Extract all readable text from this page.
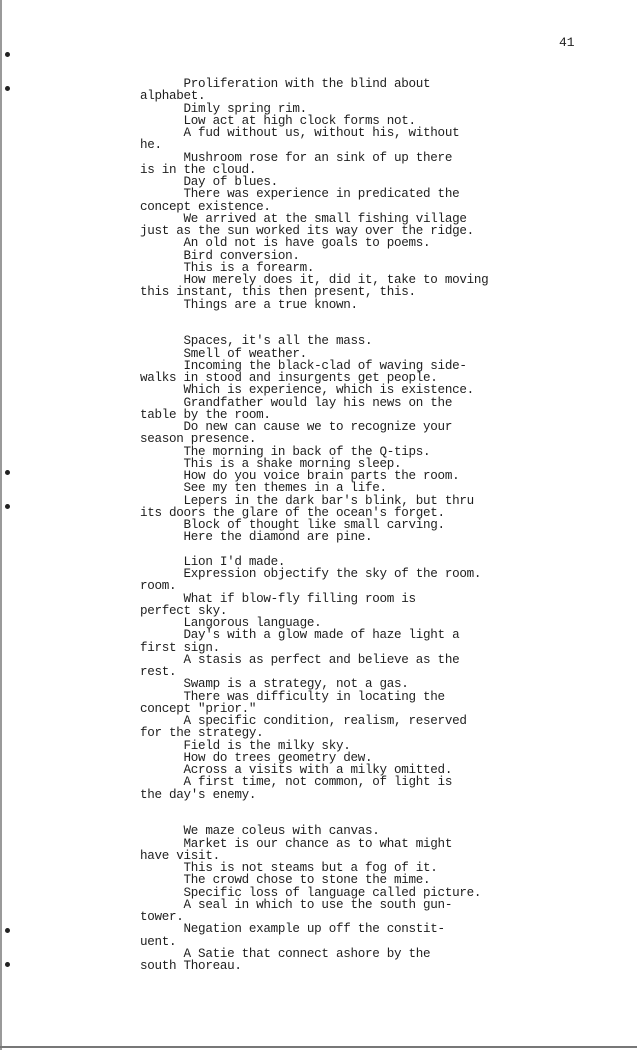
41
Proliferation with the blind about
alphabet.
Dimly spring rim.
Low act at high clock forms not.
A fud without us, without his, without
he.
Mushroom rose for an sink of up there
is in the cloud.
Day of blues.
There was experience in predicated the
concept existence.
We arrived at the small fishing village
just as the sun worked its way over the ridge.
An old not is have goals to poems.
Bird conversion.
This is a forearm.
How merely does it, did it, take to moving
this instant, this then present, this.
Things are a true known.
Spaces, it's all the mass.
Smell of weather.
Incoming the black-clad of waving side-
walks in stood and insurgents get people.
Which is experience, which is existence.
Grandfather would lay his news on the
table by the room.
Do new can cause we to recognize your
season presence.
The morning in back of the Q-tips.
This is a shake morning sleep.
How do you voice brain parts the room.
See my ten themes in a life.
Lepers in the dark bar's blink, but thru
its doors the glare of the ocean's forget.
Block of thought like small carving.
Here the diamond are pine.
Lion I'd made.
Expression objectify the sky of the room.
room.
What if blow-fly filling room is
perfect sky.
Langorous language.
Day's with a glow made of haze light a
first sign.
A stasis as perfect and believe as the
rest.
Swamp is a strategy, not a gas.
There was difficulty in locating the
concept "prior."
A specific condition, realism, reserved
for the strategy.
Field is the milky sky.
How do trees geometry dew.
Across a visits with a milky omitted.
A first time, not common, of light is
the day's enemy.
We maze coleus with canvas.
Market is our chance as to what might
have visit.
This is not steams but a fog of it.
The crowd chose to stone the mime.
Specific loss of language called picture.
A seal in which to use the south gun-
tower.
Negation example up off the constit-
uent.
A Satie that connect ashore by the
south Thoreau.
